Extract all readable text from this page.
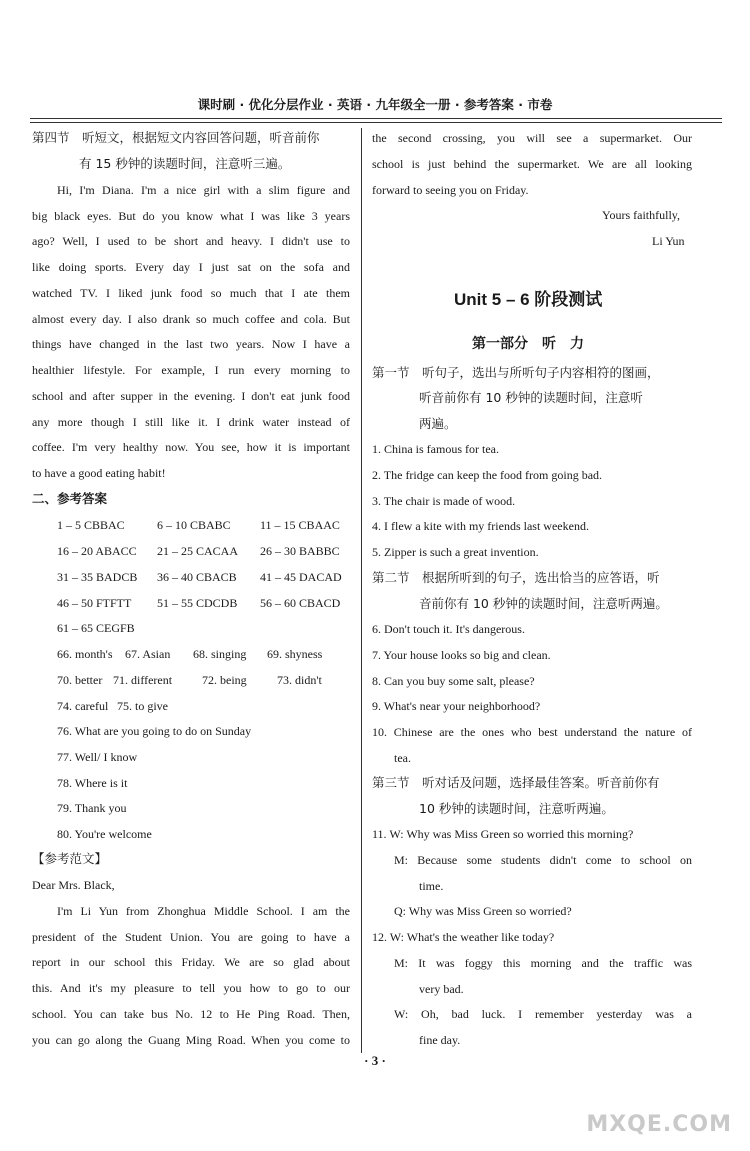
课时刷 · 优化分层作业 · 英语 · 九年级全一册 · 参考答案 · 市卷
第四节　听短文，根据短文内容回答问题，听音前你
有 15 秒钟的读题时间，注意听三遍。
Hi, I'm Diana. I'm a nice girl with a slim figure and
big black eyes. But do you know what I was like 3 years
ago? Well, I used to be short and heavy. I didn't use to
like doing sports. Every day I just sat on the sofa and
watched TV. I liked junk food so much that I ate them
almost every day. I also drank so much coffee and cola. But
things have changed in the last two years. Now I have a
healthier lifestyle. For example, I run every morning to
school and after supper in the evening. I don't eat junk food
any more though I still like it. I drink water instead of
coffee. I'm very healthy now. You see, how it is important
to have a good eating habit!
二、参考答案
1 – 5 CBBAC	6 – 10 CBABC 11 – 15 CBAAC
16 – 20 ABACC 21 – 25 CACAA 26 – 30 BABBC
31 – 35 BADCB 36 – 40 CBACB 41 – 45 DACAD
46 – 50 FTFTT 51 – 55 CDCDB 56 – 60 CBACD
61 – 65 CEGFB
66. month's 67. Asian 68. singing 69. shyness
70. better 71. different 72. being	73. didn't
74. careful 75. to give
76. What are you going to do on Sunday
77. Well/ I know
78. Where is it
79. Thank you
80. You're welcome
【参考范文】
Dear Mrs. Black,
I'm Li Yun from Zhonghua Middle School. I am the
president of the Student Union. You are going to have a
report in our school this Friday. We are so glad about
this. And it's my pleasure to tell you how to go to our
school. You can take bus No. 12 to He Ping Road. Then,
you can go along the Guang Ming Road. When you come to
the second crossing, you will see a supermarket. Our
school is just behind the supermarket. We are all looking
forward to seeing you on Friday.
Yours faithfully,
Li Yun
Unit 5 – 6 阶段测试
第一部分　听　力
第一节　听句子，选出与所听句子内容相符的图画，
听音前你有 10 秒钟的读题时间，注意听
两遍。
1. China is famous for tea.
2. The fridge can keep the food from going bad.
3. The chair is made of wood.
4. I flew a kite with my friends last weekend.
5. Zipper is such a great invention.
第二节　根据所听到的句子，选出恰当的应答语，听
音前你有 10 秒钟的读题时间，注意听两遍。
6. Don't touch it. It's dangerous.
7. Your house looks so big and clean.
8. Can you buy some salt, please?
9. What's near your neighborhood?
10. Chinese are the ones who best understand the nature of
tea.
第三节　听对话及问题，选择最佳答案。听音前你有
10 秒钟的读题时间，注意听两遍。
11. W: Why was Miss Green so worried this morning?
M: Because some students didn't come to school on
time.
Q: Why was Miss Green so worried?
12. W: What's the weather like today?
M: It was foggy this morning and the traffic was
very bad.
W: Oh, bad luck. I remember yesterday was a
fine day.
· 3 ·
MXQE.COM
